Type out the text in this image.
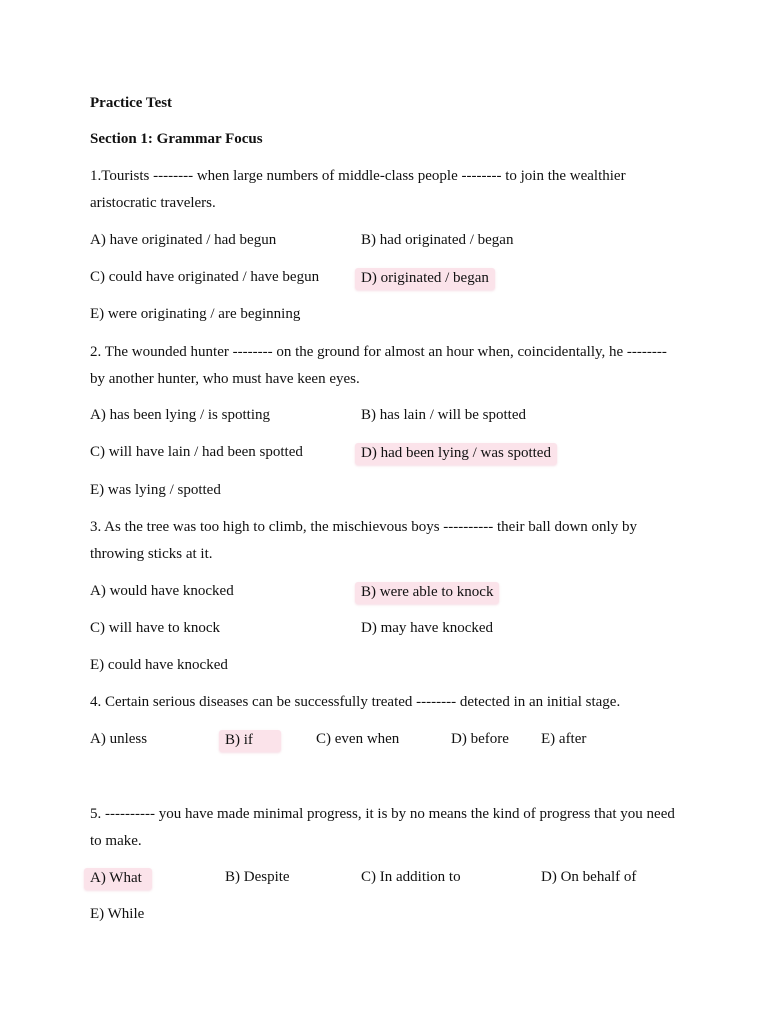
Practice Test
Section 1: Grammar Focus
1.Tourists -------- when large numbers of middle-class people -------- to join the wealthier
aristocratic travelers.
A) have originated / had begun	B) had originated / began
C) could have originated / have begun	D) originated / began
E) were originating / are beginning
2. The wounded hunter -------- on the ground for almost an hour when, coincidentally, he --------
by another hunter, who must have keen eyes.
A) has been lying / is spotting	B) has lain / will be spotted
C) will have lain / had been spotted	D) had been lying / was spotted
E) was lying / spotted
3. As the tree was too high to climb, the mischievous boys ---------- their ball down only by
throwing sticks at it.
A) would have knocked	B) were able to knock
C) will have to knock	D) may have knocked
E) could have knocked
4. Certain serious diseases can be successfully treated -------- detected in an initial stage.
A) unless	B) if	C) even when	D) before E) after
5. ---------- you have made minimal progress, it is by no means the kind of progress that you need
to make.
A) What	B) Despite	C) In addition to	D) On behalf of
E) While
